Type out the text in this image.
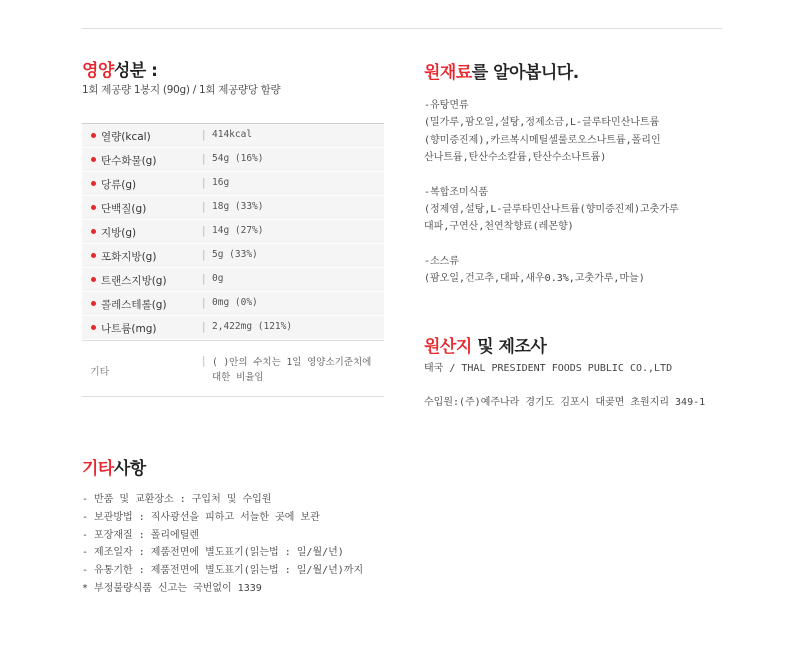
영양성분 :
1회 제공량 1봉지 (90g) / 1회 제공량당 함량
열량(kcal)	| 414kcal
탄수화물(g)	| 54g (16%)
당류(g)	| 16g
단백질(g)	| 18g (33%)
지방(g)	| 14g (27%)
포화지방(g)	| 5g (33%)
트랜스지방(g)	| 0g
콜레스테롤(g)	| 0mg (0%)
나트륨(mg)	| 2,422mg (121%)
기타
| ( )안의 수치는 1일 영양소기준치에 대한 비율임
원재료를 알아봅니다.

-유탕면류

(밀가루,팜오일,설탕,정제소금,L-글루타민산나트륨

(향미증진제),카르복시메틸셀룰로오스나트륨,폴리인

산나트륨,탄산수소칼륨,탄산수소나트륨)

-복합조미식품

(정제염,설탕,L-글루타민산나트륨(향미증진제)고춧가루

대파,구연산,천연착향료(레몬향)

-소스류

(팜오일,건고추,대파,새우0.3%,고춧가루,마늘)

원산지 및 제조사

태국 / THAL PRESIDENT FOODS PUBLIC CO.,LTD

수입원:(주)예주나라 경기도 김포시 대곶면 초원지리 349-1

기타사항

- 반품 및 교환장소 : 구입처 및 수입원

- 보관방법 : 직사광선을 피하고 서늘한 곳에 보관

- 포장재질 : 폴리에틸렌

- 제조일자 : 제품전면에 별도표기(읽는법 : 일/월/년)

- 유통기한 : 제품전면에 별도표기(읽는법 : 일/월/년)까지

* 부정불량식품 신고는 국번없이 1339
